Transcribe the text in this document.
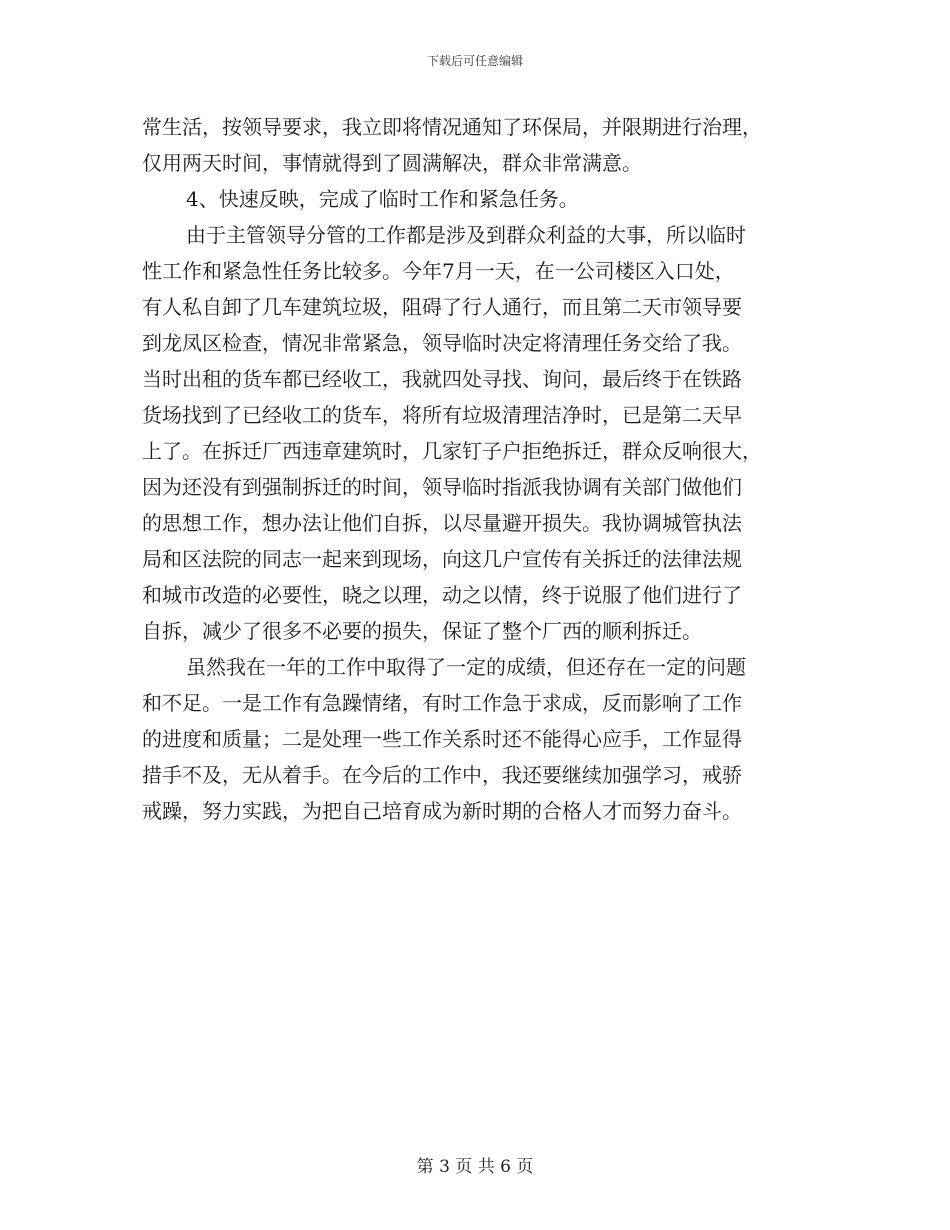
下载后可任意编辑
常生活，按领导要求，我立即将情况通知了环保局，并限期进行治理，
仅用两天时间，事情就得到了圆满解决，群众非常满意。
4、快速反映，完成了临时工作和紧急任务。
由于主管领导分管的工作都是涉及到群众利益的大事，所以临时
性工作和紧急性任务比较多。今年7月一天，在一公司楼区入口处，
有人私自卸了几车建筑垃圾，阻碍了行人通行，而且第二天市领导要
到龙凤区检查，情况非常紧急，领导临时决定将清理任务交给了我。
当时出租的货车都已经收工，我就四处寻找、询问，最后终于在铁路
货场找到了已经收工的货车，将所有垃圾清理洁净时，已是第二天早
上了。在拆迁厂西违章建筑时，几家钉子户拒绝拆迁，群众反响很大，
因为还没有到强制拆迁的时间，领导临时指派我协调有关部门做他们
的思想工作，想办法让他们自拆，以尽量避开损失。我协调城管执法
局和区法院的同志一起来到现场，向这几户宣传有关拆迁的法律法规
和城市改造的必要性，晓之以理，动之以情，终于说服了他们进行了
自拆，减少了很多不必要的损失，保证了整个厂西的顺利拆迁。
虽然我在一年的工作中取得了一定的成绩，但还存在一定的问题
和不足。一是工作有急躁情绪，有时工作急于求成，反而影响了工作
的进度和质量；二是处理一些工作关系时还不能得心应手，工作显得
措手不及，无从着手。在今后的工作中，我还要继续加强学习，戒骄
戒躁，努力实践，为把自己培育成为新时期的合格人才而努力奋斗。
第 3 页 共 6 页
